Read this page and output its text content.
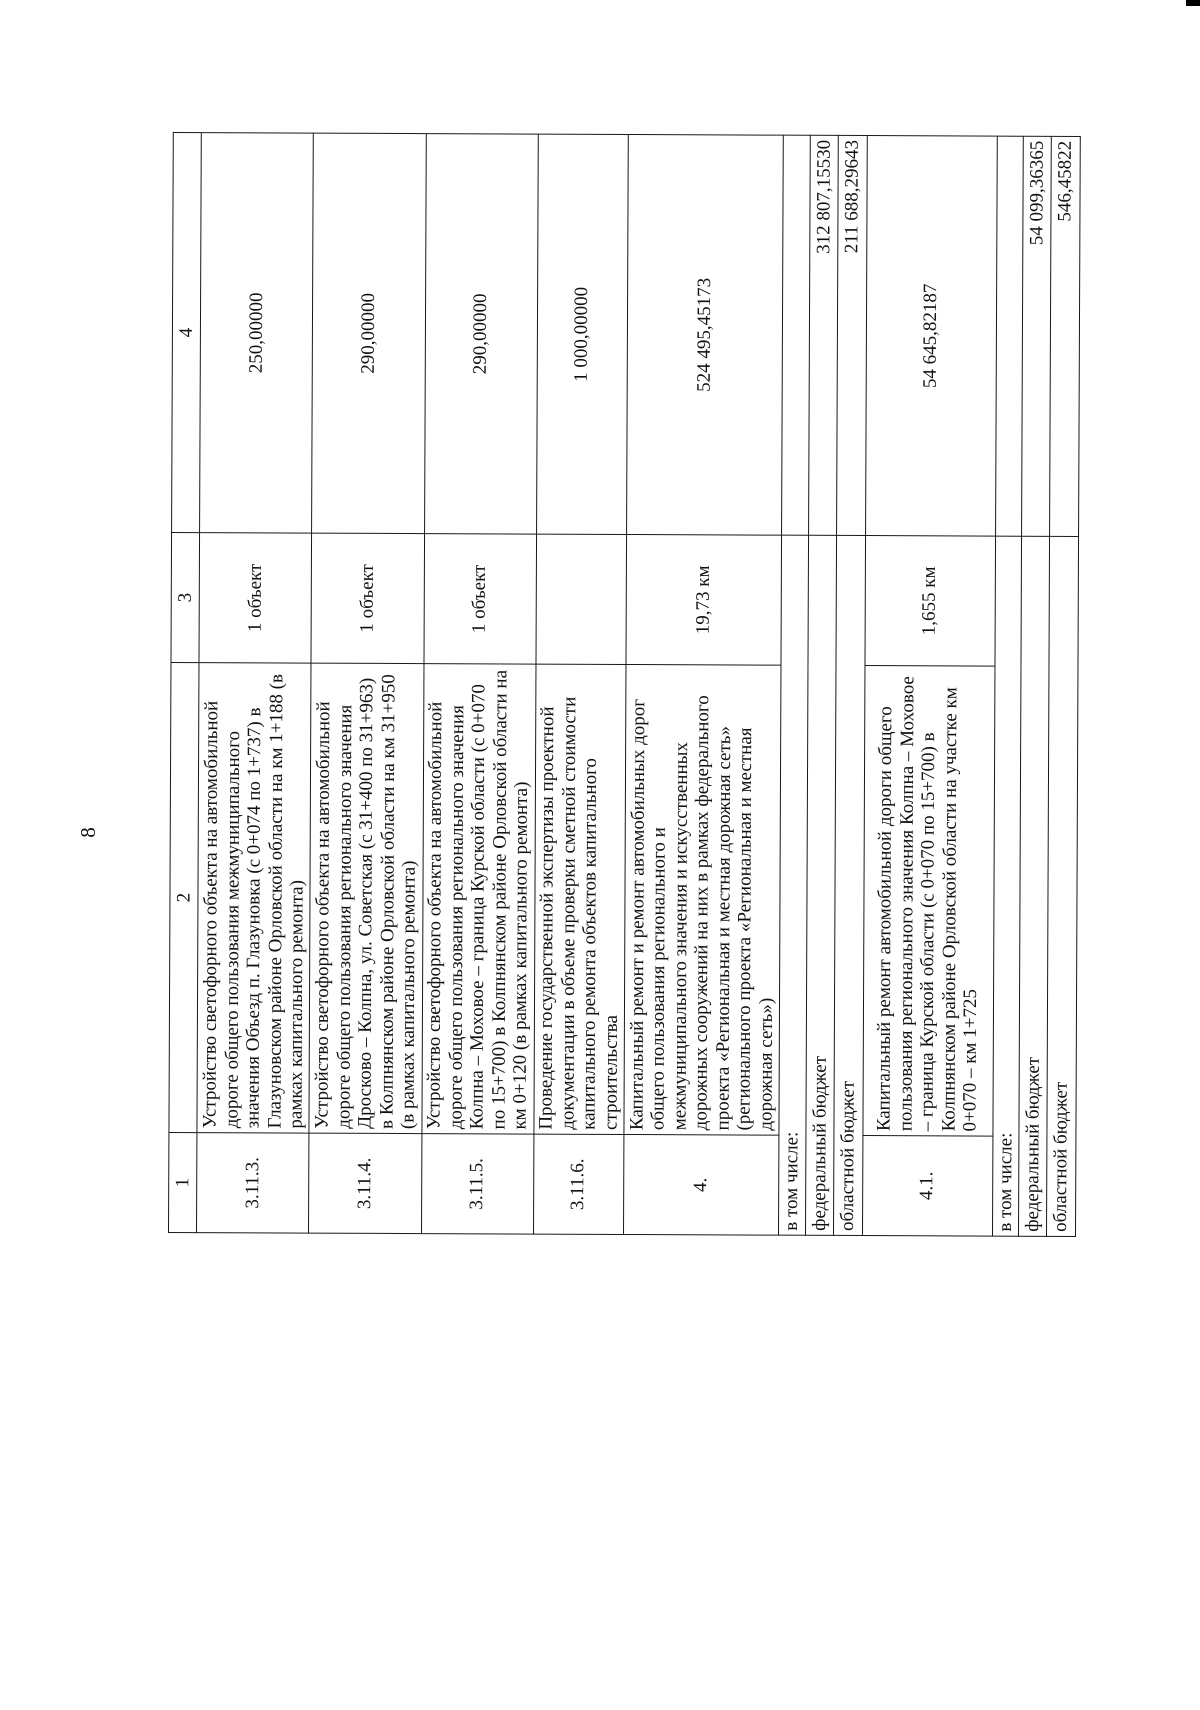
8
1	2	3	4
3.11.3.	Устройство светофорного объекта на автомобильной дороге общего пользования межмуниципального значения Объезд п. Глазуновка (с 0+074 по 1+737) в Глазуновском районе Орловской области на км 1+188 (в рамках капитального ремонта)	1 объект	250,00000
3.11.4.	Устройство светофорного объекта на автомобильной дороге общего пользования регионального значения Дросково – Колпна, ул. Советская (с 31+400 по 31+963) в Колпнянском районе Орловской области на км 31+950 (в рамках капитального ремонта)	1 объект	290,00000
3.11.5.	Устройство светофорного объекта на автомобильной дороге общего пользования регионального значения Колпна – Моховое – граница Курской области (с 0+070 по 15+700) в Колпнянском районе Орловской области на км 0+120 (в рамках капитального ремонта)	1 объект	290,00000
3.11.6.	Проведение государственной экспертизы проектной документации в объеме проверки сметной стоимости капитального ремонта объектов капитального строительства		1 000,00000
4.	Капитальный ремонт и ремонт автомобильных дорог общего пользования регионального и межмуниципального значения и искусственных дорожных сооружений на них в рамках федерального проекта «Региональная и местная дорожная сеть» (регионального проекта «Региональная и местная дорожная сеть»)	19,73 км	524 495,45173
в том числе:			
федеральный бюджет			312 807,15530
областной бюджет			211 688,29643
4.1.	Капитальный ремонт автомобильной дороги общего пользования регионального значения Колпна – Моховое – граница Курской области (с 0+070 по 15+700) в Колпнянском районе Орловской области на участке км 0+070 – км 1+725	1,655 км	54 645,82187
в том числе:			
федеральный бюджет			54 099,36365
областной бюджет			546,45822
